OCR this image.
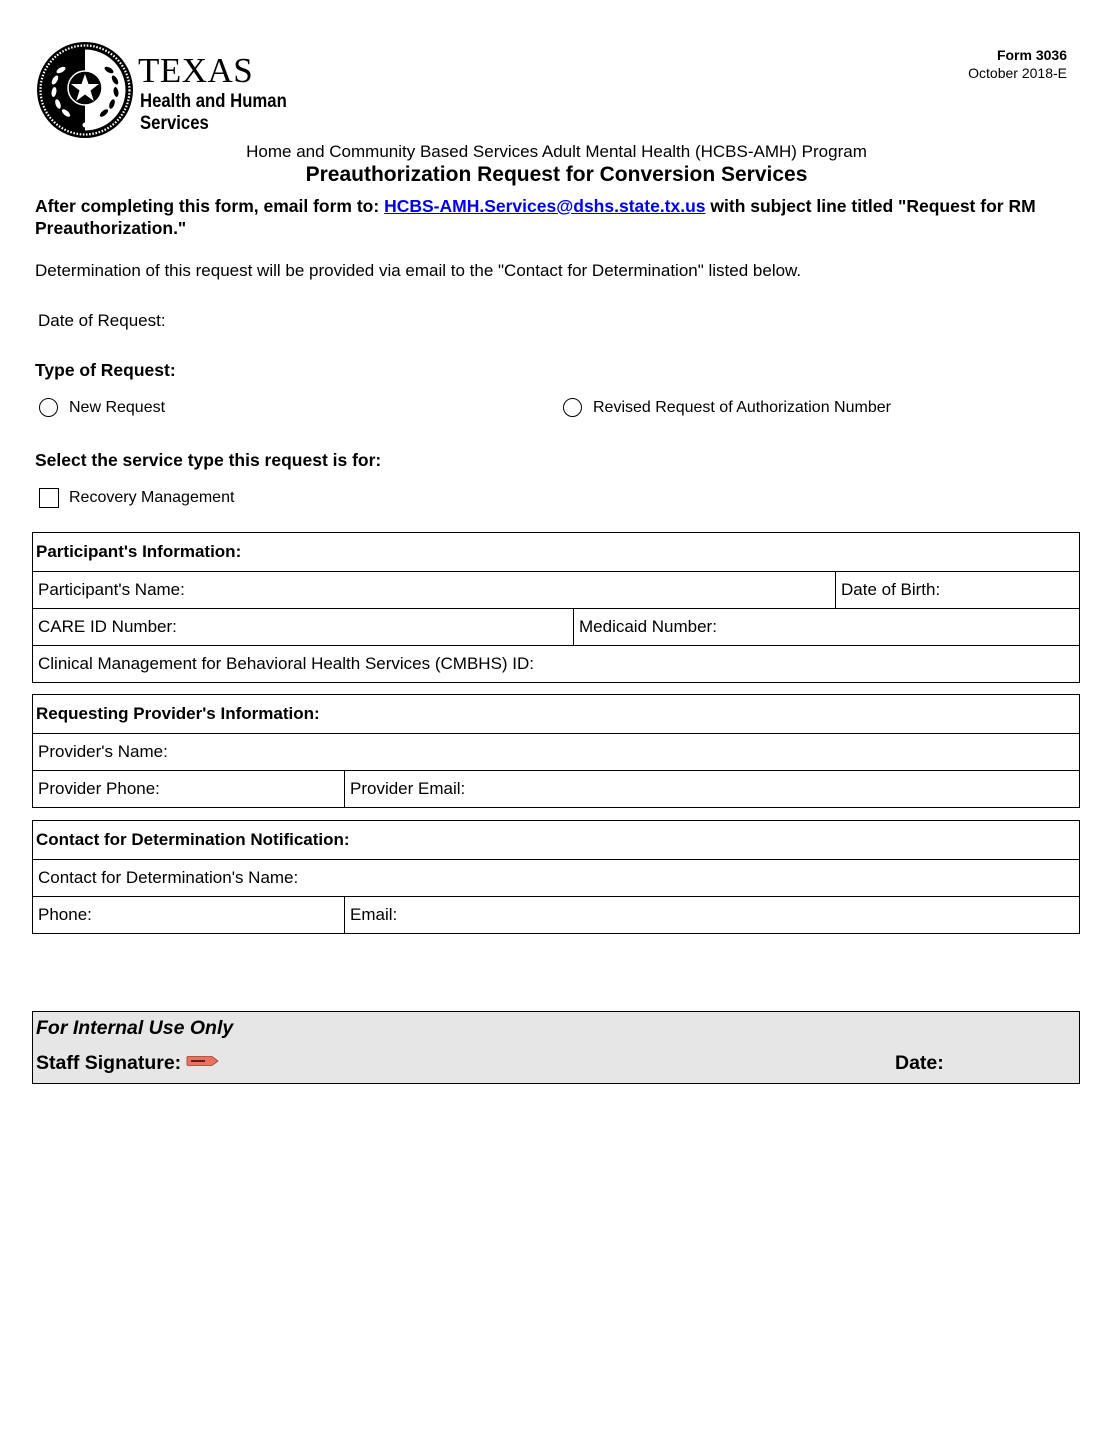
TEXAS
Health and Human
Services
Form 3036
October 2018-E
Home and Community Based Services Adult Mental Health (HCBS-AMH) Program
Preauthorization Request for Conversion Services
After completing this form, email form to: HCBS-AMH.Services@dshs.state.tx.us with subject line titled "Request for RM Preauthorization."
Determination of this request will be provided via email to the "Contact for Determination" listed below.
Date of Request:
Type of Request:
New Request	Revised Request of Authorization Number
Select the service type this request is for:
Recovery Management
Participant's Information:
Participant's Name:	Date of Birth:
CARE ID Number:	Medicaid Number:
Clinical Management for Behavioral Health Services (CMBHS) ID:
Requesting Provider's Information:
Provider's Name:
Provider Phone:	Provider Email:
Contact for Determination Notification:
Contact for Determination's Name:
Phone:	Email:
For Internal Use Only
Staff Signature:	Date:
